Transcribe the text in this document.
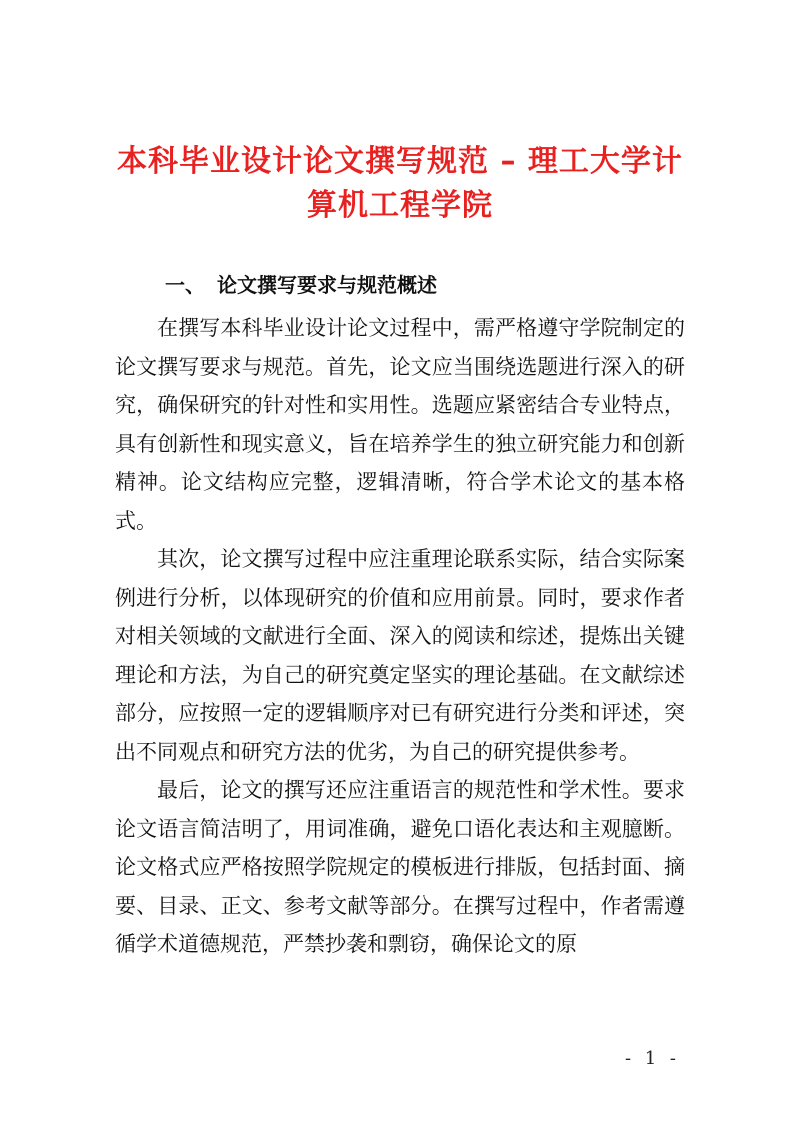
本科毕业设计论文撰写规范 – 理工大学计算机工程学院
一、 论文撰写要求与规范概述

在撰写本科毕业设计论文过程中，需严格遵守学院制定的论文撰写要求与规范。首先，论文应当围绕选题进行深入的研究，确保研究的针对性和实用性。选题应紧密结合专业特点，具有创新性和现实意义，旨在培养学生的独立研究能力和创新精神。论文结构应完整，逻辑清晰，符合学术论文的基本格式。

其次，论文撰写过程中应注重理论联系实际，结合实际案例进行分析，以体现研究的价值和应用前景。同时，要求作者对相关领域的文献进行全面、深入的阅读和综述，提炼出关键理论和方法，为自己的研究奠定坚实的理论基础。在文献综述部分，应按照一定的逻辑顺序对已有研究进行分类和评述，突出不同观点和研究方法的优劣，为自己的研究提供参考。

最后，论文的撰写还应注重语言的规范性和学术性。要求论文语言简洁明了，用词准确，避免口语化表达和主观臆断。论文格式应严格按照学院规定的模板进行排版，包括封面、摘要、目录、正文、参考文献等部分。在撰写过程中，作者需遵循学术道德规范，严禁抄袭和剽窃，确保论文的原

- 1 -
